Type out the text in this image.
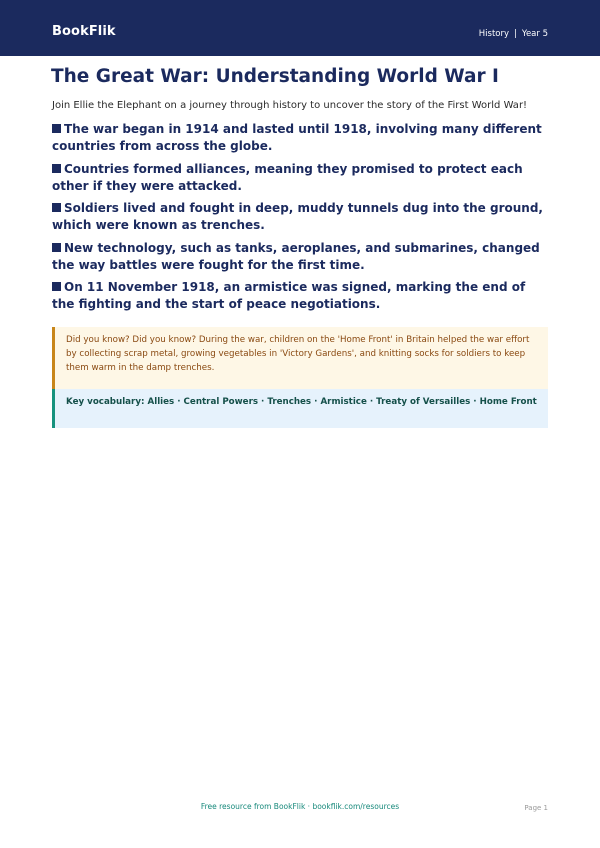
BookFlik	History | Year 5
The Great War: Understanding World War I

Join Ellie the Elephant on a journey through history to uncover the story of the First World War!

The war began in 1914 and lasted until 1918, involving many different countries from across the globe.
Countries formed alliances, meaning they promised to protect each other if they were attacked.
Soldiers lived and fought in deep, muddy tunnels dug into the ground, which were known as trenches.
New technology, such as tanks, aeroplanes, and submarines, changed the way battles were fought for the first time.
On 11 November 1918, an armistice was signed, marking the end of the fighting and the start of peace negotiations.
Did you know? Did you know? During the war, children on the 'Home Front' in Britain helped the war effort by collecting scrap metal, growing vegetables in 'Victory Gardens', and knitting socks for soldiers to keep them warm in the damp trenches.
Key vocabulary: Allies · Central Powers · Trenches · Armistice · Treaty of Versailles · Home Front
Free resource from BookFlik · bookflik.com/resources	Page 1
